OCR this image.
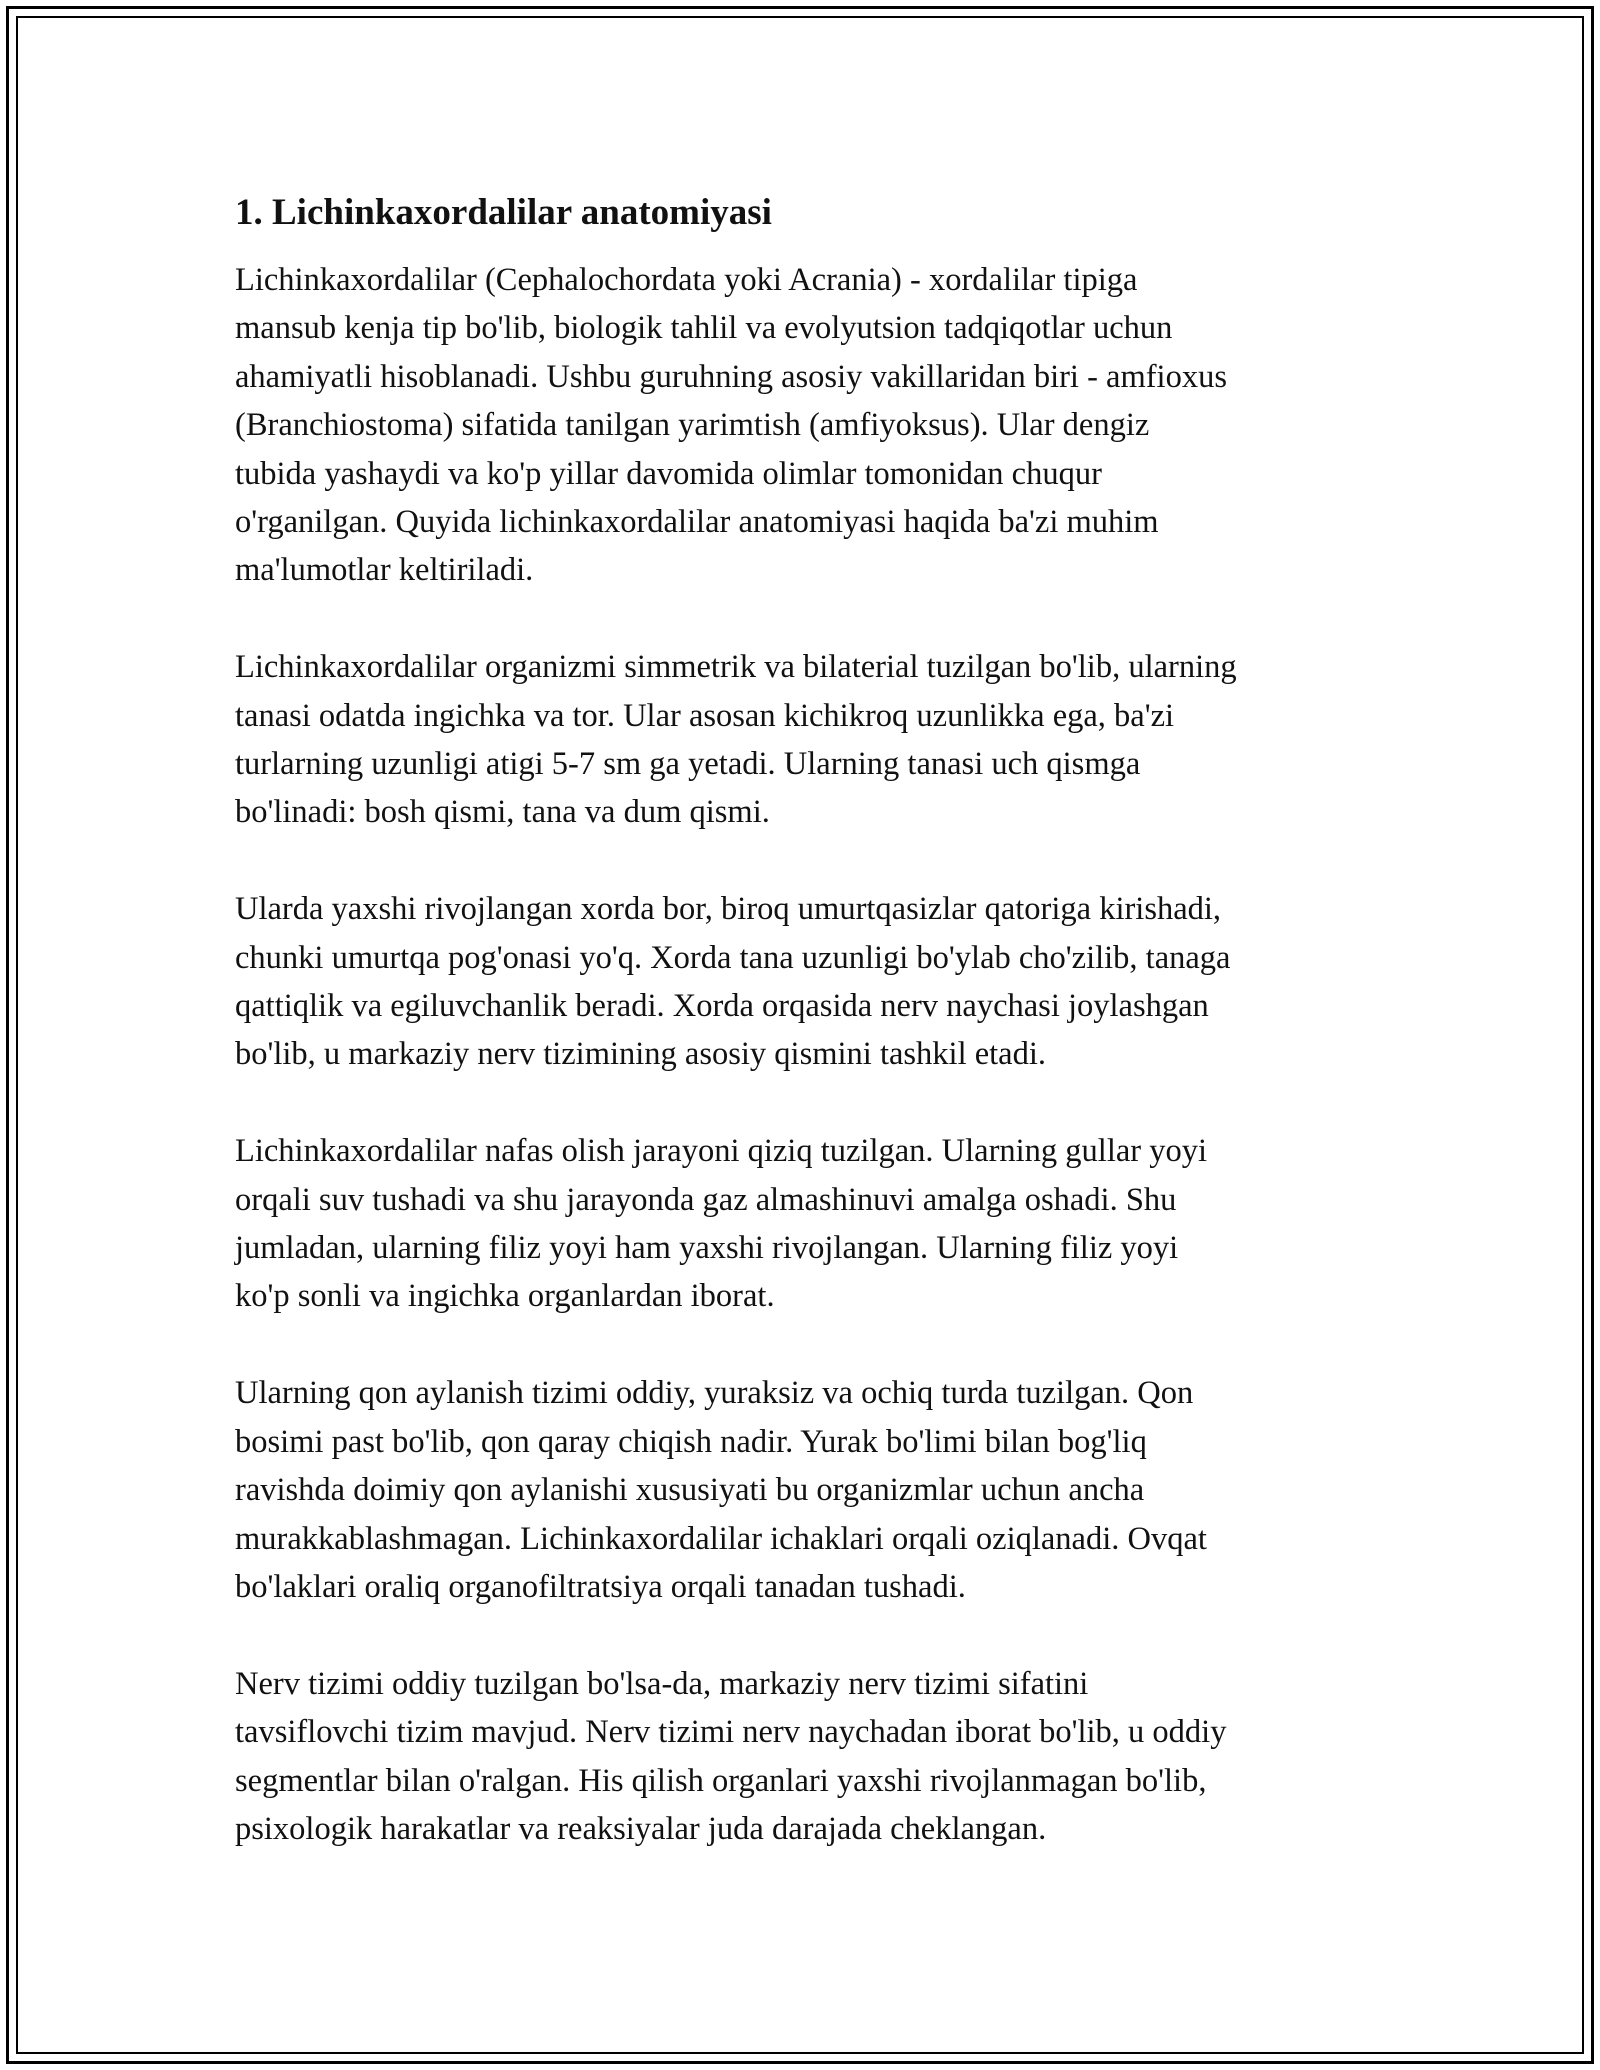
1. Lichinkaxordalilar anatomiyasi

Lichinkaxordalilar (Cephalochordata yoki Acrania) - xordalilar tipiga
mansub kenja tip bo'lib, biologik tahlil va evolyutsion tadqiqotlar uchun
ahamiyatli hisoblanadi. Ushbu guruhning asosiy vakillaridan biri - amfioxus
(Branchiostoma) sifatida tanilgan yarimtish (amfiyoksus). Ular dengiz
tubida yashaydi va ko'p yillar davomida olimlar tomonidan chuqur
o'rganilgan. Quyida lichinkaxordalilar anatomiyasi haqida ba'zi muhim
ma'lumotlar keltiriladi.

Lichinkaxordalilar organizmi simmetrik va bilaterial tuzilgan bo'lib, ularning
tanasi odatda ingichka va tor. Ular asosan kichikroq uzunlikka ega, ba'zi
turlarning uzunligi atigi 5-7 sm ga yetadi. Ularning tanasi uch qismga
bo'linadi: bosh qismi, tana va dum qismi.

Ularda yaxshi rivojlangan xorda bor, biroq umurtqasizlar qatoriga kirishadi,
chunki umurtqa pog'onasi yo'q. Xorda tana uzunligi bo'ylab cho'zilib, tanaga
qattiqlik va egiluvchanlik beradi. Xorda orqasida nerv naychasi joylashgan
bo'lib, u markaziy nerv tizimining asosiy qismini tashkil etadi.

Lichinkaxordalilar nafas olish jarayoni qiziq tuzilgan. Ularning gullar yoyi
orqali suv tushadi va shu jarayonda gaz almashinuvi amalga oshadi. Shu
jumladan, ularning filiz yoyi ham yaxshi rivojlangan. Ularning filiz yoyi
ko'p sonli va ingichka organlardan iborat.

Ularning qon aylanish tizimi oddiy, yuraksiz va ochiq turda tuzilgan. Qon
bosimi past bo'lib, qon qaray chiqish nadir. Yurak bo'limi bilan bog'liq
ravishda doimiy qon aylanishi xususiyati bu organizmlar uchun ancha
murakkablashmagan. Lichinkaxordalilar ichaklari orqali oziqlanadi. Ovqat
bo'laklari oraliq organofiltratsiya orqali tanadan tushadi.

Nerv tizimi oddiy tuzilgan bo'lsa-da, markaziy nerv tizimi sifatini
tavsiflovchi tizim mavjud. Nerv tizimi nerv naychadan iborat bo'lib, u oddiy
segmentlar bilan o'ralgan. His qilish organlari yaxshi rivojlanmagan bo'lib,
psixologik harakatlar va reaksiyalar juda darajada cheklangan.
